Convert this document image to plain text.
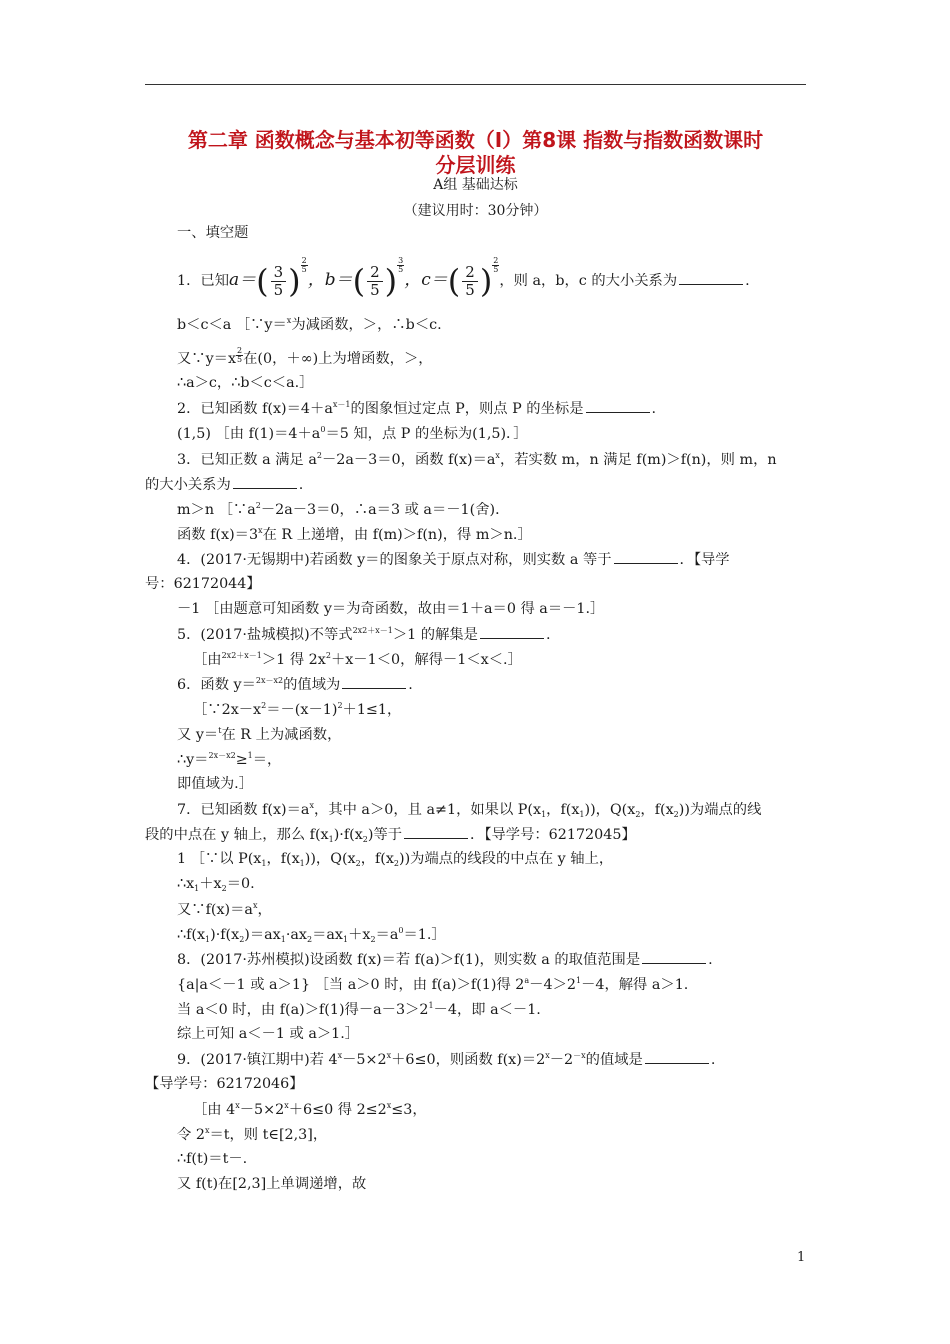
第二章 函数概念与基本初等函数（Ⅰ）第8课 指数与指数函数课时
分层训练
A组 基础达标
（建议用时：30分钟）
一、填空题
1．已知$a=( \frac{3}{5}$ ) $\frac{2}{5}$
，$b=( \frac{2}{5}$ ) $\frac{3}{5}$
，$c=( \frac{2}{5}$ ) $\frac{2}{5}$
，则 a，b，c 的大小关系为	.
b＜c＜a ［∵y＝$^x$为减函数，＞，∴b＜c.
又∵y＝x $\frac{2}{5}$ 在(0，＋∞)上为增函数，＞，
∴a＞c，∴b＜c＜a.］
2．已知函数 $f(x)=4+a^{x-1}$的图象恒过定点 P，则点 P 的坐标是	.
(1,5) ［由 $f(1)=4+a^0=5$ 知，点 P 的坐标为(1,5)．］
3．已知正数 a 满足 $a^2-2a-3=0$，函数 $f(x)=a^x$，若实数 m，n 满足 f(m)＞f(n)，则 m，n
的大小关系为	.
m＞n $[\because a^2-2a-3=0$，∴a＝3 或 a＝－1(舍)．
函数 $f(x)=3^x$在 R 上递增，由 f(m)＞f(n)，得 m＞n.］
4．(2017·无锡期中)若函数 y＝的图象关于原点对称，则实数 a 等于	．【导学
号：62172044】
－1 ［由题意可知函数 y＝为奇函数，故由＝1＋a＝0 得 a＝－1.］
5．(2017·盐城模拟)不等式$^{2x2+x-1}$＞1 的解集是	.
［由$^{2x2+x-1}$＞1 得 $2x^2+x-1<0$，解得－1＜x＜.］
6．函数 y＝$^{2x-x2}$的值域为	.
$[\because 2x-x^2=-(x-1)^2+1\le 1$，
又 y＝$^t$在 R 上为减函数，
∴y＝$^{2x-x2}$≥$^1$＝，
即值域为.］
7．已知函数 $f(x)=a^x$，其中 a＞0，且 a≠1，如果以 $P(x_1$，$f(x_1)$)，$Q(x_2$，$f(x_2)$)为端点的线
段的中点在 y 轴上，那么 $f(x_1)\cdot f(x_2)$等于	．【导学号：62172045】
1 ［∵以 $P(x_1$，$f(x_1)$)，$Q(x_2$，$f(x_2)$)为端点的线段的中点在 y 轴上，
$\therefore x_1+x_2=0$.
又$\because f(x)=a^x$，
$\therefore f(x_1)\cdot f(x_2)=ax_1\cdot ax_2=ax_1+x_2=a^0=1.]$
8．(2017·苏州模拟)设函数 f(x)＝若 f(a)＞f(1)，则实数 a 的取值范围是	.
{a|a＜－1 或 a＞1} ［当 a＞0 时，由 f(a)＞f(1)得 $2^a-4>2^1-4$，解得 a＞1.
当 a＜0 时，由 f(a)＞f(1)得$-a-3>2^1-4$，即 a＜－1.
综上可知 a＜－1 或 a＞1.］
9．(2017·镇江期中)若 $4^x-5\times 2^x+6\le 0$，则函数 $f(x)=2^x-2^{-x}$的值域是	.
【导学号：62172046】
［由 $4^x-5\times 2^x+6\le 0$ 得 $2\le 2^x\le 3$，
令 $2^x=t$，则 t∈[2,3]，
∴f(t)＝t－.
又 f(t)在[2,3]上单调递增，故
1
